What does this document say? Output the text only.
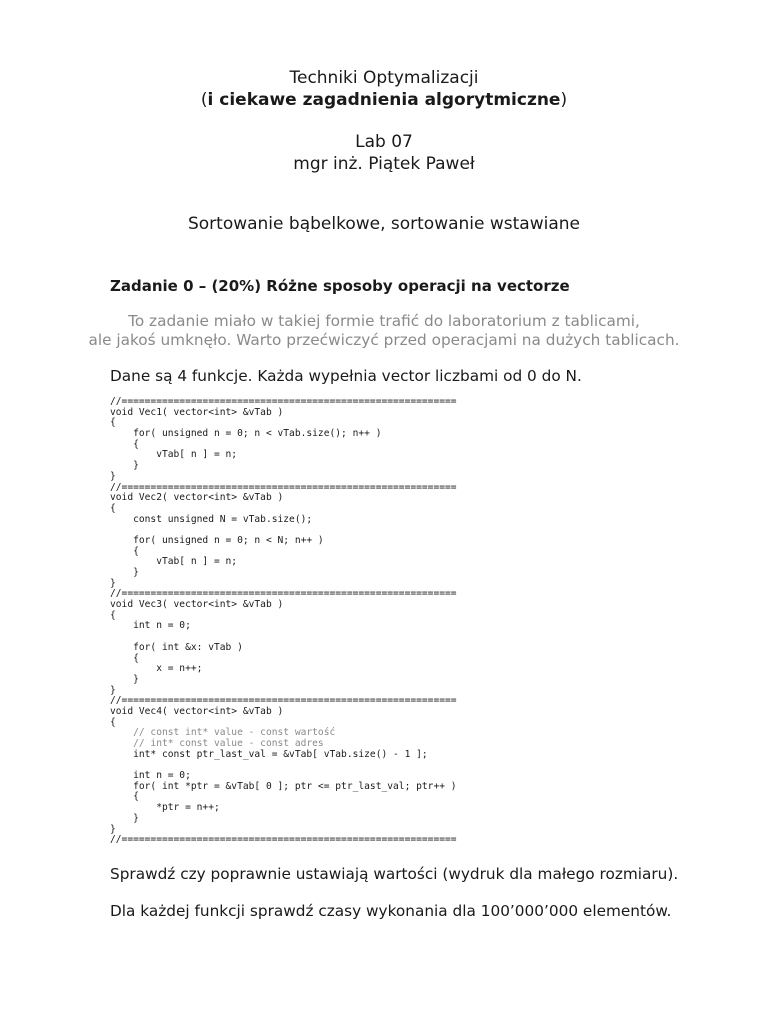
Techniki Optymalizacji
(i ciekawe zagadnienia algorytmiczne)
Lab 07
mgr inż. Piątek Paweł
Sortowanie bąbelkowe, sortowanie wstawiane
Zadanie 0 – (20%) Różne sposoby operacji na vectorze
To zadanie miało w takiej formie trafić do laboratorium z tablicami,
ale jakoś umknęło. Warto przećwiczyć przed operacjami na dużych tablicach.
Dane są 4 funkcje. Każda wypełnia vector liczbami od 0 do N.
//==========================================================
void Vec1( vector<int> &vTab )
{
for( unsigned n = 0; n < vTab.size(); n++ )
{
vTab[ n ] = n;
}
}
//==========================================================
void Vec2( vector<int> &vTab )
{
const unsigned N = vTab.size();

for( unsigned n = 0; n < N; n++ )
{
vTab[ n ] = n;
}
}
//==========================================================
void Vec3( vector<int> &vTab )
{
int n = 0;

for( int &x: vTab )
{
x = n++;
}
}
//==========================================================
void Vec4( vector<int> &vTab )
{
// const int* value - const wartość
// int* const value - const adres
int* const ptr_last_val = &vTab[ vTab.size() - 1 ];

int n = 0;
for( int *ptr = &vTab[ 0 ]; ptr <= ptr_last_val; ptr++ )
{
*ptr = n++;
}
}
//==========================================================
Sprawdź czy poprawnie ustawiają wartości (wydruk dla małego rozmiaru).
Dla każdej funkcji sprawdź czasy wykonania dla 100’000’000 elementów.
